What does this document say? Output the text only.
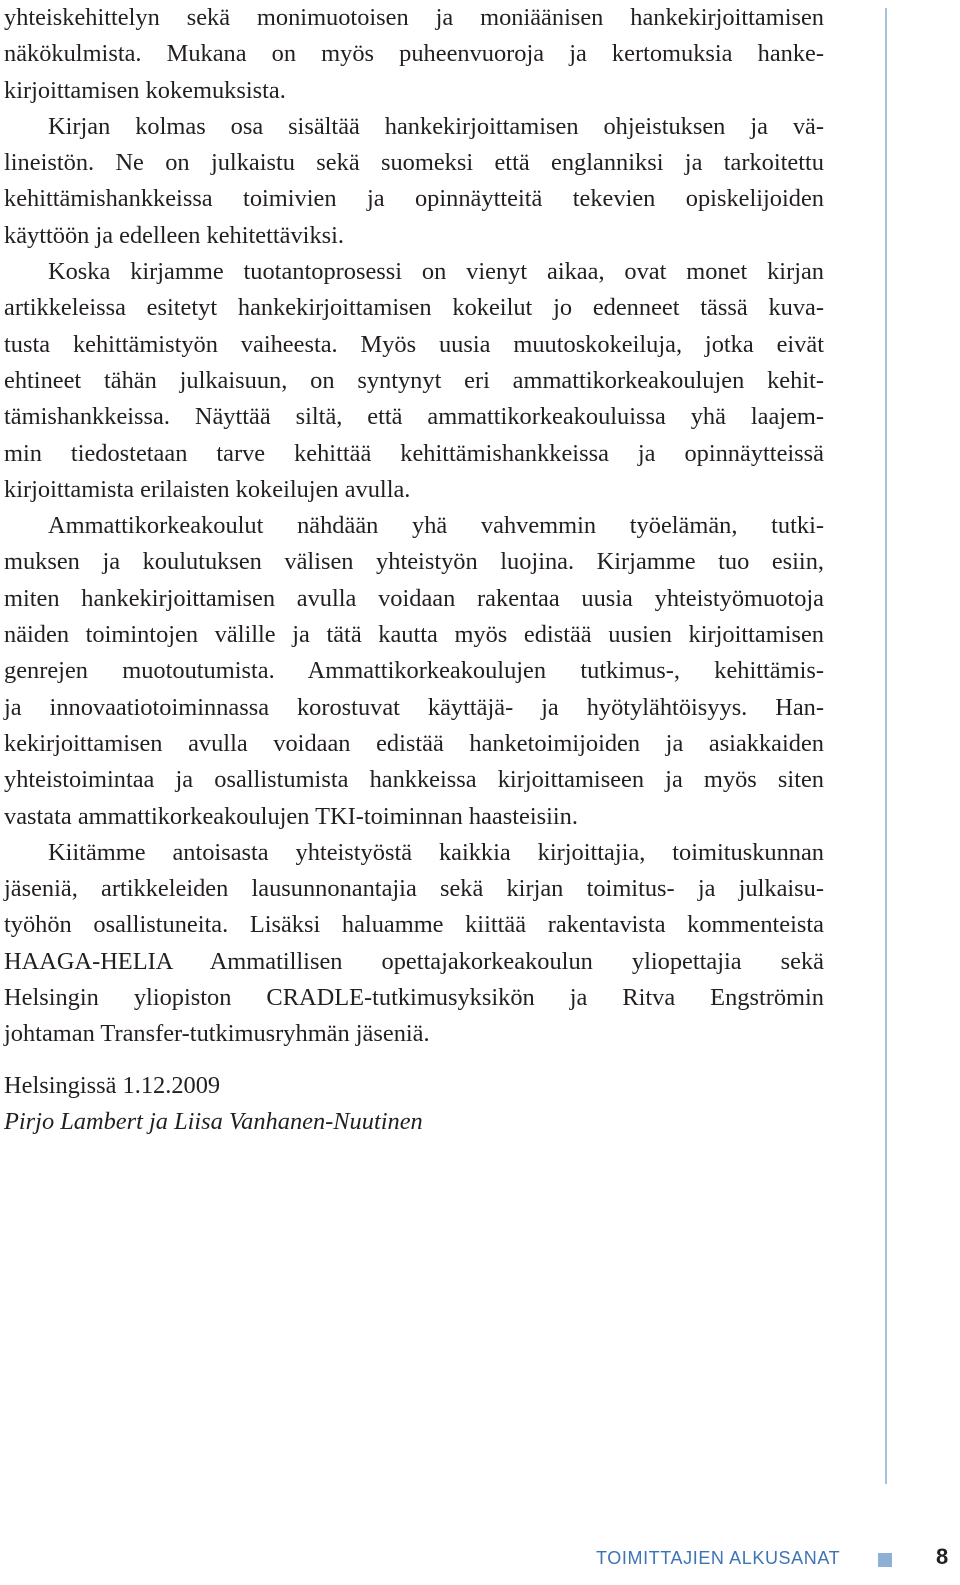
yhteiskehittelyn sekä monimuotoisen ja moniäänisen hankekirjoittamisen
näkökulmista. Mukana on myös puheenvuoroja ja kertomuksia hanke-
kirjoittamisen kokemuksista.
Kirjan kolmas osa sisältää hankekirjoittamisen ohjeistuksen ja vä-
lineistön. Ne on julkaistu sekä suomeksi että englanniksi ja tarkoitettu
kehittämishankkeissa toimivien ja opinnäytteitä tekevien opiskelijoiden
käyttöön ja edelleen kehitettäviksi.
Koska kirjamme tuotantoprosessi on vienyt aikaa, ovat monet kirjan
artikkeleissa esitetyt hankekirjoittamisen kokeilut jo edenneet tässä kuva-
tusta kehittämistyön vaiheesta. Myös uusia muutoskokeiluja, jotka eivät
ehtineet tähän julkaisuun, on syntynyt eri ammattikorkeakoulujen kehit-
tämishankkeissa. Näyttää siltä, että ammattikorkeakouluissa yhä laajem-
min tiedostetaan tarve kehittää kehittämishankkeissa ja opinnäytteissä
kirjoittamista erilaisten kokeilujen avulla.
Ammattikorkeakoulut nähdään yhä vahvemmin työelämän, tutki-
muksen ja koulutuksen välisen yhteistyön luojina. Kirjamme tuo esiin,
miten hankekirjoittamisen avulla voidaan rakentaa uusia yhteistyömuotoja
näiden toimintojen välille ja tätä kautta myös edistää uusien kirjoittamisen
genrejen muotoutumista. Ammattikorkeakoulujen tutkimus-, kehittämis-
ja innovaatiotoiminnassa korostuvat käyttäjä- ja hyötylähtöisyys. Han-
kekirjoittamisen avulla voidaan edistää hanketoimijoiden ja asiakkaiden
yhteistoimintaa ja osallistumista hankkeissa kirjoittamiseen ja myös siten
vastata ammattikorkeakoulujen TKI-toiminnan haasteisiin.
Kiitämme antoisasta yhteistyöstä kaikkia kirjoittajia, toimituskunnan
jäseniä, artikkeleiden lausunnonantajia sekä kirjan toimitus- ja julkaisu-
työhön osallistuneita. Lisäksi haluamme kiittää rakentavista kommenteista
HAAGA-HELIA Ammatillisen opettajakorkeakoulun yliopettajia sekä
Helsingin yliopiston CRADLE-tutkimusyksikön ja Ritva Engströmin
johtaman Transfer-tutkimusryhmän jäseniä.
Helsingissä 1.12.2009
Pirjo Lambert ja Liisa Vanhanen-Nuutinen
TOIMITTAJIEN ALKUSANAT	8
